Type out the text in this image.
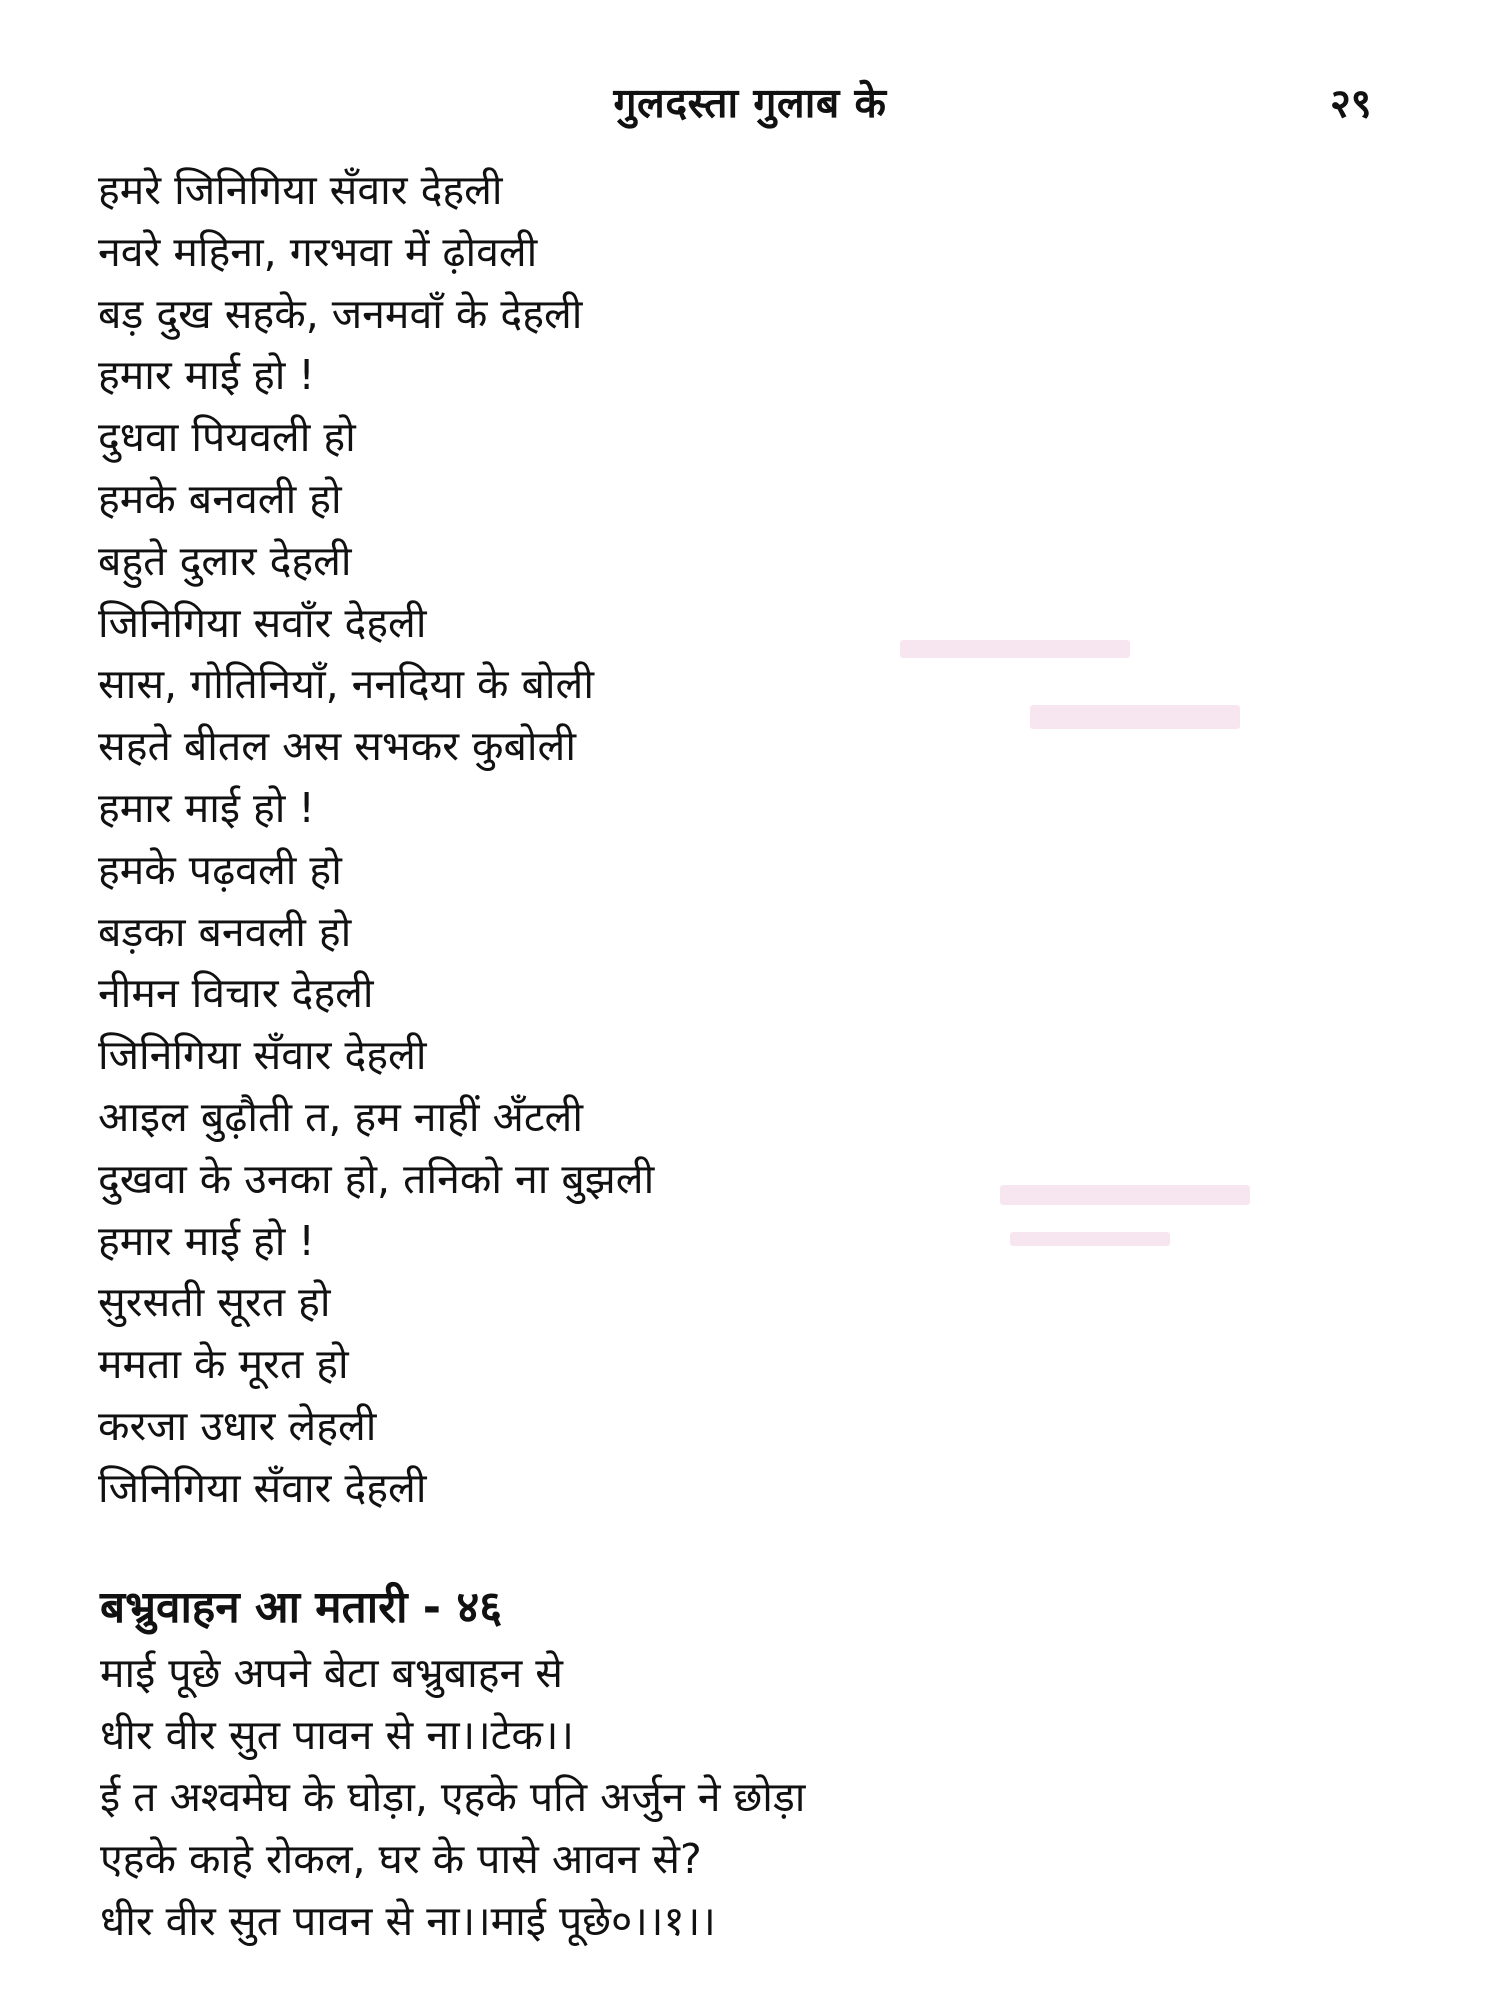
गुलदस्ता गुलाब के	२९
हमरे जिनिगिया सँवार देहली
नवरे महिना, गरभवा में ढ़ोवली
बड़ दुख सहके, जनमवाँ के देहली
हमार माई हो !
दुधवा पियवली हो
हमके बनवली हो
बहुते दुलार देहली
जिनिगिया सवाँर देहली
सास, गोतिनियाँ, ननदिया के बोली
सहते बीतल अस सभकर कुबोली
हमार माई हो !
हमके पढ़वली हो
बड़का बनवली हो
नीमन विचार देहली
जिनिगिया सँवार देहली
आइल बुढ़ौती त, हम नाहीं अँटली
दुखवा के उनका हो, तनिको ना बुझली
हमार माई हो !
सुरसती सूरत हो
ममता के मूरत हो
करजा उधार लेहली
जिनिगिया सँवार देहली
बभ्रुवाहन आ मतारी - ४६
माई पूछे अपने बेटा बभ्रुबाहन से
धीर वीर सुत पावन से ना।।टेक।।
ई त अश्वमेघ के घोड़ा, एहके पति अर्जुन ने छोड़ा
एहके काहे रोकल, घर के पासे आवन से?
धीर वीर सुत पावन से ना।।माई पूछे०।।१।।
